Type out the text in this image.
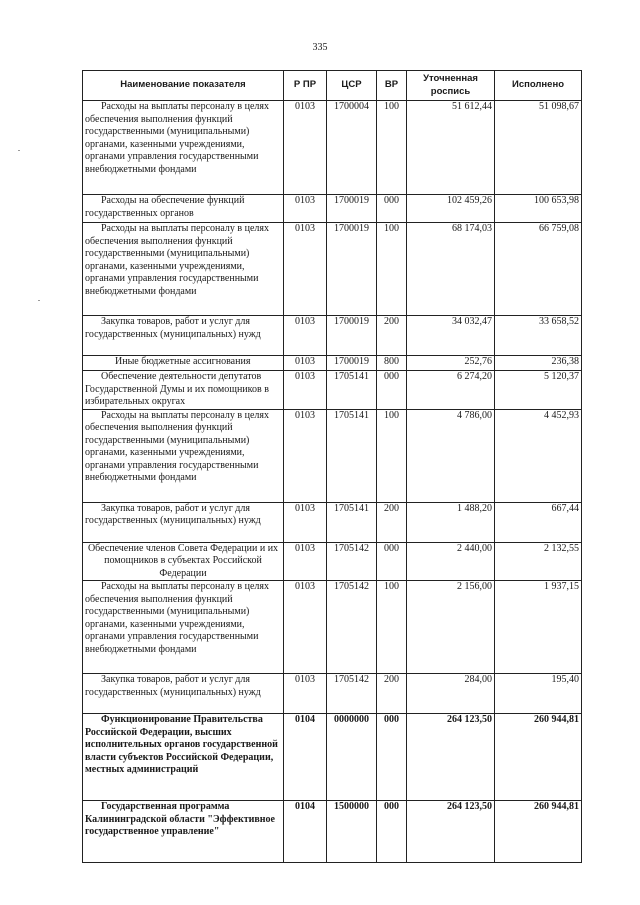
335
Наименование показателя	Р ПР	ЦСР	ВР	Уточненная роспись	Исполнено
Расходы на выплаты персоналу в целях обеспечения выполнения функций государственными (муниципальными) органами, казенными учреждениями, органами управления государственными внебюджетными фондами	0103	1700004	100	51 612,44	51 098,67
Расходы на обеспечение функций государственных органов	0103	1700019	000	102 459,26	100 653,98
Расходы на выплаты персоналу в целях обеспечения выполнения функций государственными (муниципальными) органами, казенными учреждениями, органами управления государственными внебюджетными фондами	0103	1700019	100	68 174,03	66 759,08
Закупка товаров, работ и услуг для государственных (муниципальных) нужд	0103	1700019	200	34 032,47	33 658,52
Иные бюджетные ассигнования	0103	1700019	800	252,76	236,38
Обеспечение деятельности депутатов Государственной Думы и их помощников в избирательных округах	0103	1705141	000	6 274,20	5 120,37
Расходы на выплаты персоналу в целях обеспечения выполнения функций государственными (муниципальными) органами, казенными учреждениями, органами управления государственными внебюджетными фондами	0103	1705141	100	4 786,00	4 452,93
Закупка товаров, работ и услуг для государственных (муниципальных) нужд	0103	1705141	200	1 488,20	667,44
Обеспечение членов Совета Федерации и их помощников в субъектах Российской Федерации	0103	1705142	000	2 440,00	2 132,55
Расходы на выплаты персоналу в целях обеспечения выполнения функций государственными (муниципальными) органами, казенными учреждениями, органами управления государственными внебюджетными фондами	0103	1705142	100	2 156,00	1 937,15
Закупка товаров, работ и услуг для государственных (муниципальных) нужд	0103	1705142	200	284,00	195,40
Функционирование Правительства Российской Федерации, высших исполнительных органов государственной власти субъектов Российской Федерации, местных администраций	0104	0000000	000	264 123,50	260 944,81
Государственная программа Калининградской области "Эффективное государственное управление"	0104	1500000	000	264 123,50	260 944,81
